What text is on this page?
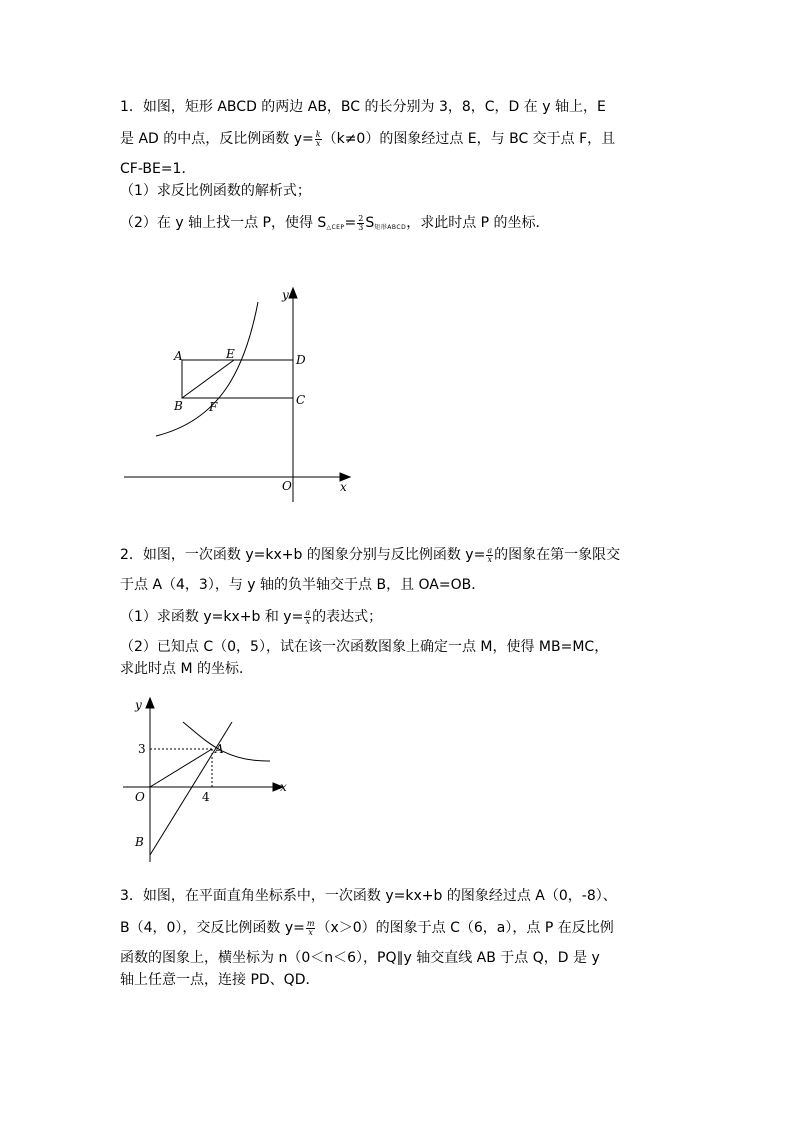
1．如图，矩形 ABCD 的两边 AB，BC 的长分别为 3，8，C，D 在 y 轴上，E
是 AD 的中点，反比例函数 $y= \frac{k}{x} (k\ne 0)$的图象经过点 E，与 BC 交于点 F，且
CF-BE=1．
（1）求反比例函数的解析式；
（2）在 y 轴上找一点 P，使得 $S_{\triangle CEP}= \frac{2}{3} S_{矩形ABCD}$，求此时点 P 的坐标．
A	E	D
B F	C
O	x
y
2．如图，一次函数 y=kx+b 的图象分别与反比例函数 $y= \frac{a}{x}$ 的图象在第一象限交
于点 A（4，3），与 y 轴的负半轴交于点 B，且 OA=OB．
（1）求函数 y=kx+b 和 $y= \frac{a}{x}$ 的表达式；
（2）已知点 C（0，5），试在该一次函数图象上确定一点 M，使得 MB=MC，
求此时点 M 的坐标．
y
x
O
A
B
3
4
3．如图，在平面直角坐标系中，一次函数 y=kx+b 的图象经过点 A（0，-8）、
B（4，0），交反比例函数 $y= \frac{m}{x} (x>0)$的图象于点 C（6，a），点 P 在反比例
函数的图象上，横坐标为 n（0＜n＜6），PQ∥y 轴交直线 AB 于点 Q，D 是 y
轴上任意一点，连接 PD、QD．
